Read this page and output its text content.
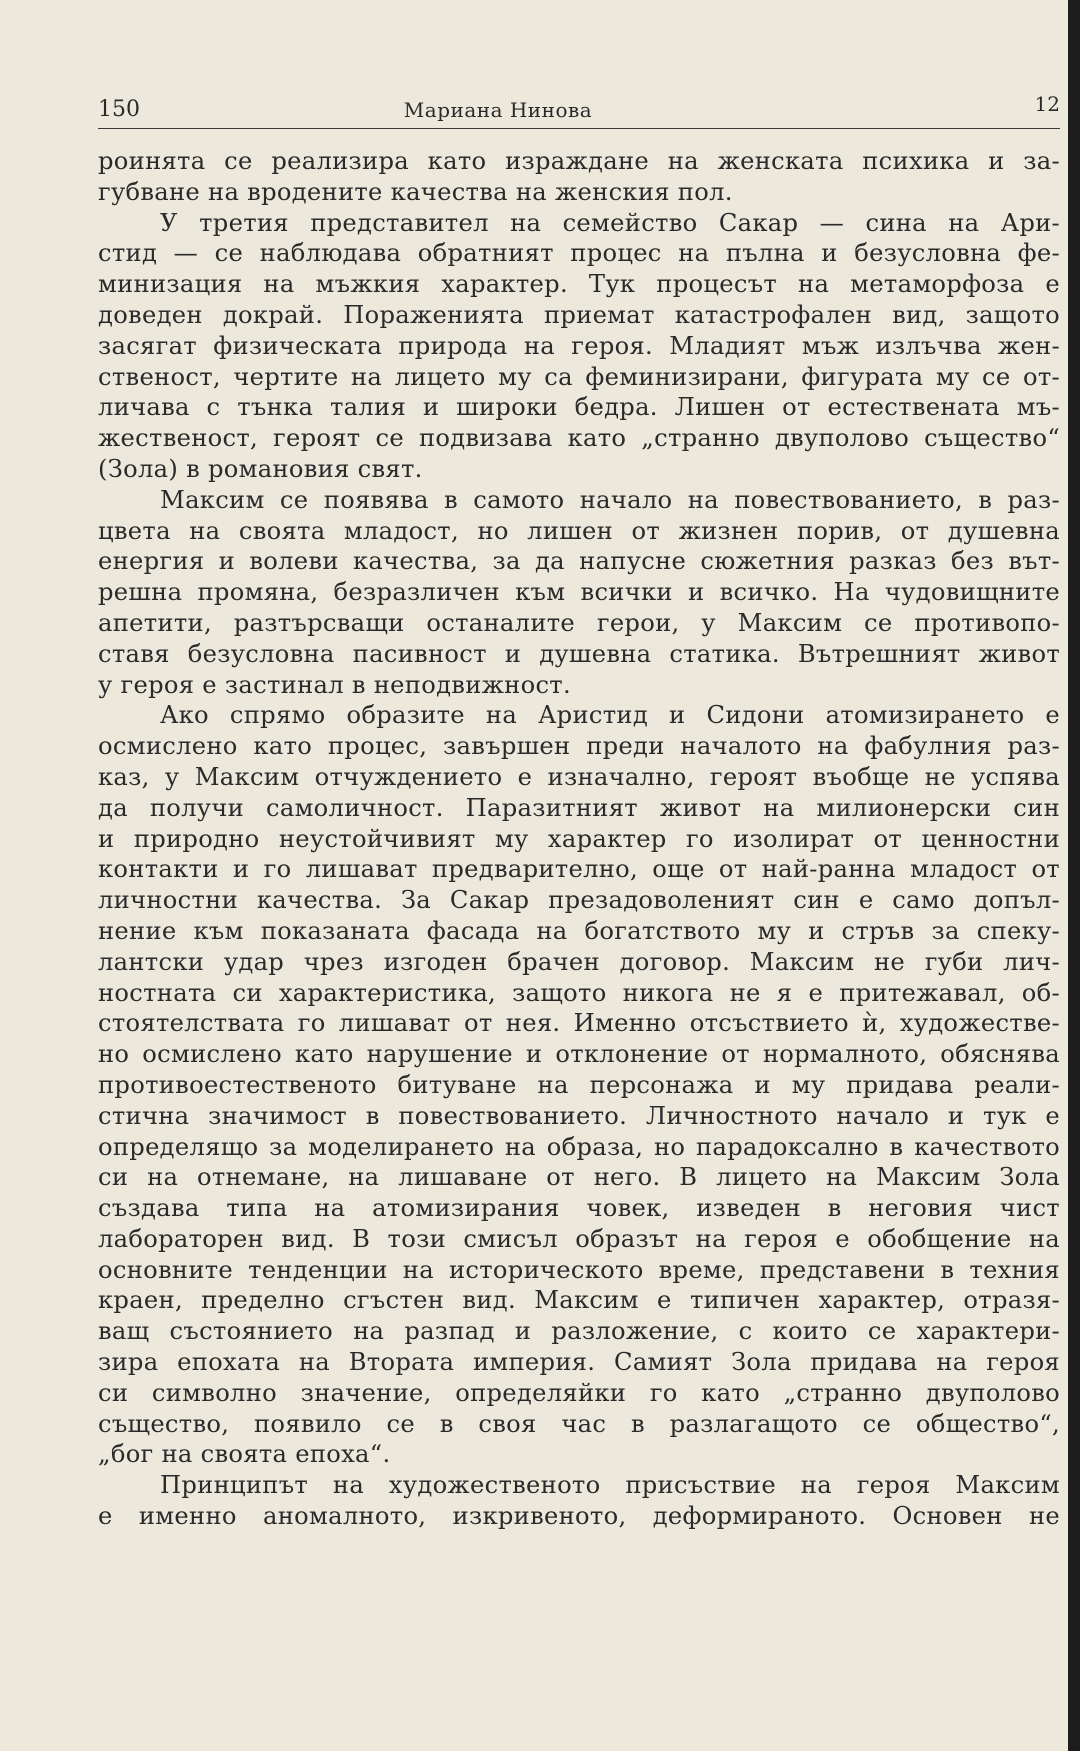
150	Мариана Нинова	12
роинята се реализира като израждане на женската психика и за-
губване на вродените качества на женския пол.
У третия представител на семейство Сакар — сина на Ари-
стид — се наблюдава обратният процес на пълна и безусловна фе-
минизация на мъжкия характер. Тук процесът на метаморфоза е
доведен докрай. Пораженията приемат катастрофален вид, защото
засягат физическата природа на героя. Младият мъж излъчва жен-
ственост, чертите на лицето му са феминизирани, фигурата му се от-
личава с тънка талия и широки бедра. Лишен от естествената мъ-
жественост, героят се подвизава като „странно двуполово същество“
(Зола) в романовия свят.
Максим се появява в самото начало на повествованието, в раз-
цвета на своята младост, но лишен от жизнен порив, от душевна
енергия и волеви качества, за да напусне сюжетния разказ без вът-
решна промяна, безразличен към всички и всичко. На чудовищните
апетити, разтърсващи останалите герои, у Максим се противопо-
ставя безусловна пасивност и душевна статика. Вътрешният живот
у героя е застинал в неподвижност.
Ако спрямо образите на Аристид и Сидони атомизирането е
осмислено като процес, завършен преди началото на фабулния раз-
каз, у Максим отчуждението е изначално, героят въобще не успява
да получи самоличност. Паразитният живот на милионерски син
и природно неустойчивият му характер го изолират от ценностни
контакти и го лишават предварително, още от най-ранна младост от
личностни качества. За Сакар презадоволеният син е само допъл-
нение към показаната фасада на богатството му и стръв за спеку-
лантски удар чрез изгоден брачен договор. Максим не губи лич-
ностната си характеристика, защото никога не я е притежавал, об-
стоятелствата го лишават от нея. Именно отсъствието ѝ, художестве-
но осмислено като нарушение и отклонение от нормалното, обяснява
противоестественото битуване на персонажа и му придава реали-
стична значимост в повествованието. Личностното начало и тук е
определящо за моделирането на образа, но парадоксално в качеството
си на отнемане, на лишаване от него. В лицето на Максим Зола
създава типа на атомизирания човек, изведен в неговия чист
лабораторен вид. В този смисъл образът на героя е обобщение на
основните тенденции на историческото време, представени в техния
краен, пределно сгъстен вид. Максим е типичен характер, отразя-
ващ състоянието на разпад и разложение, с които се характери-
зира епохата на Втората империя. Самият Зола придава на героя
си символно значение, определяйки го като „странно двуполово
същество, появило се в своя час в разлагащото се общество“,
„бог на своята епоха“.
Принципът на художественото присъствие на героя Максим
е именно аномалното, изкривеното, деформираното. Основен не
